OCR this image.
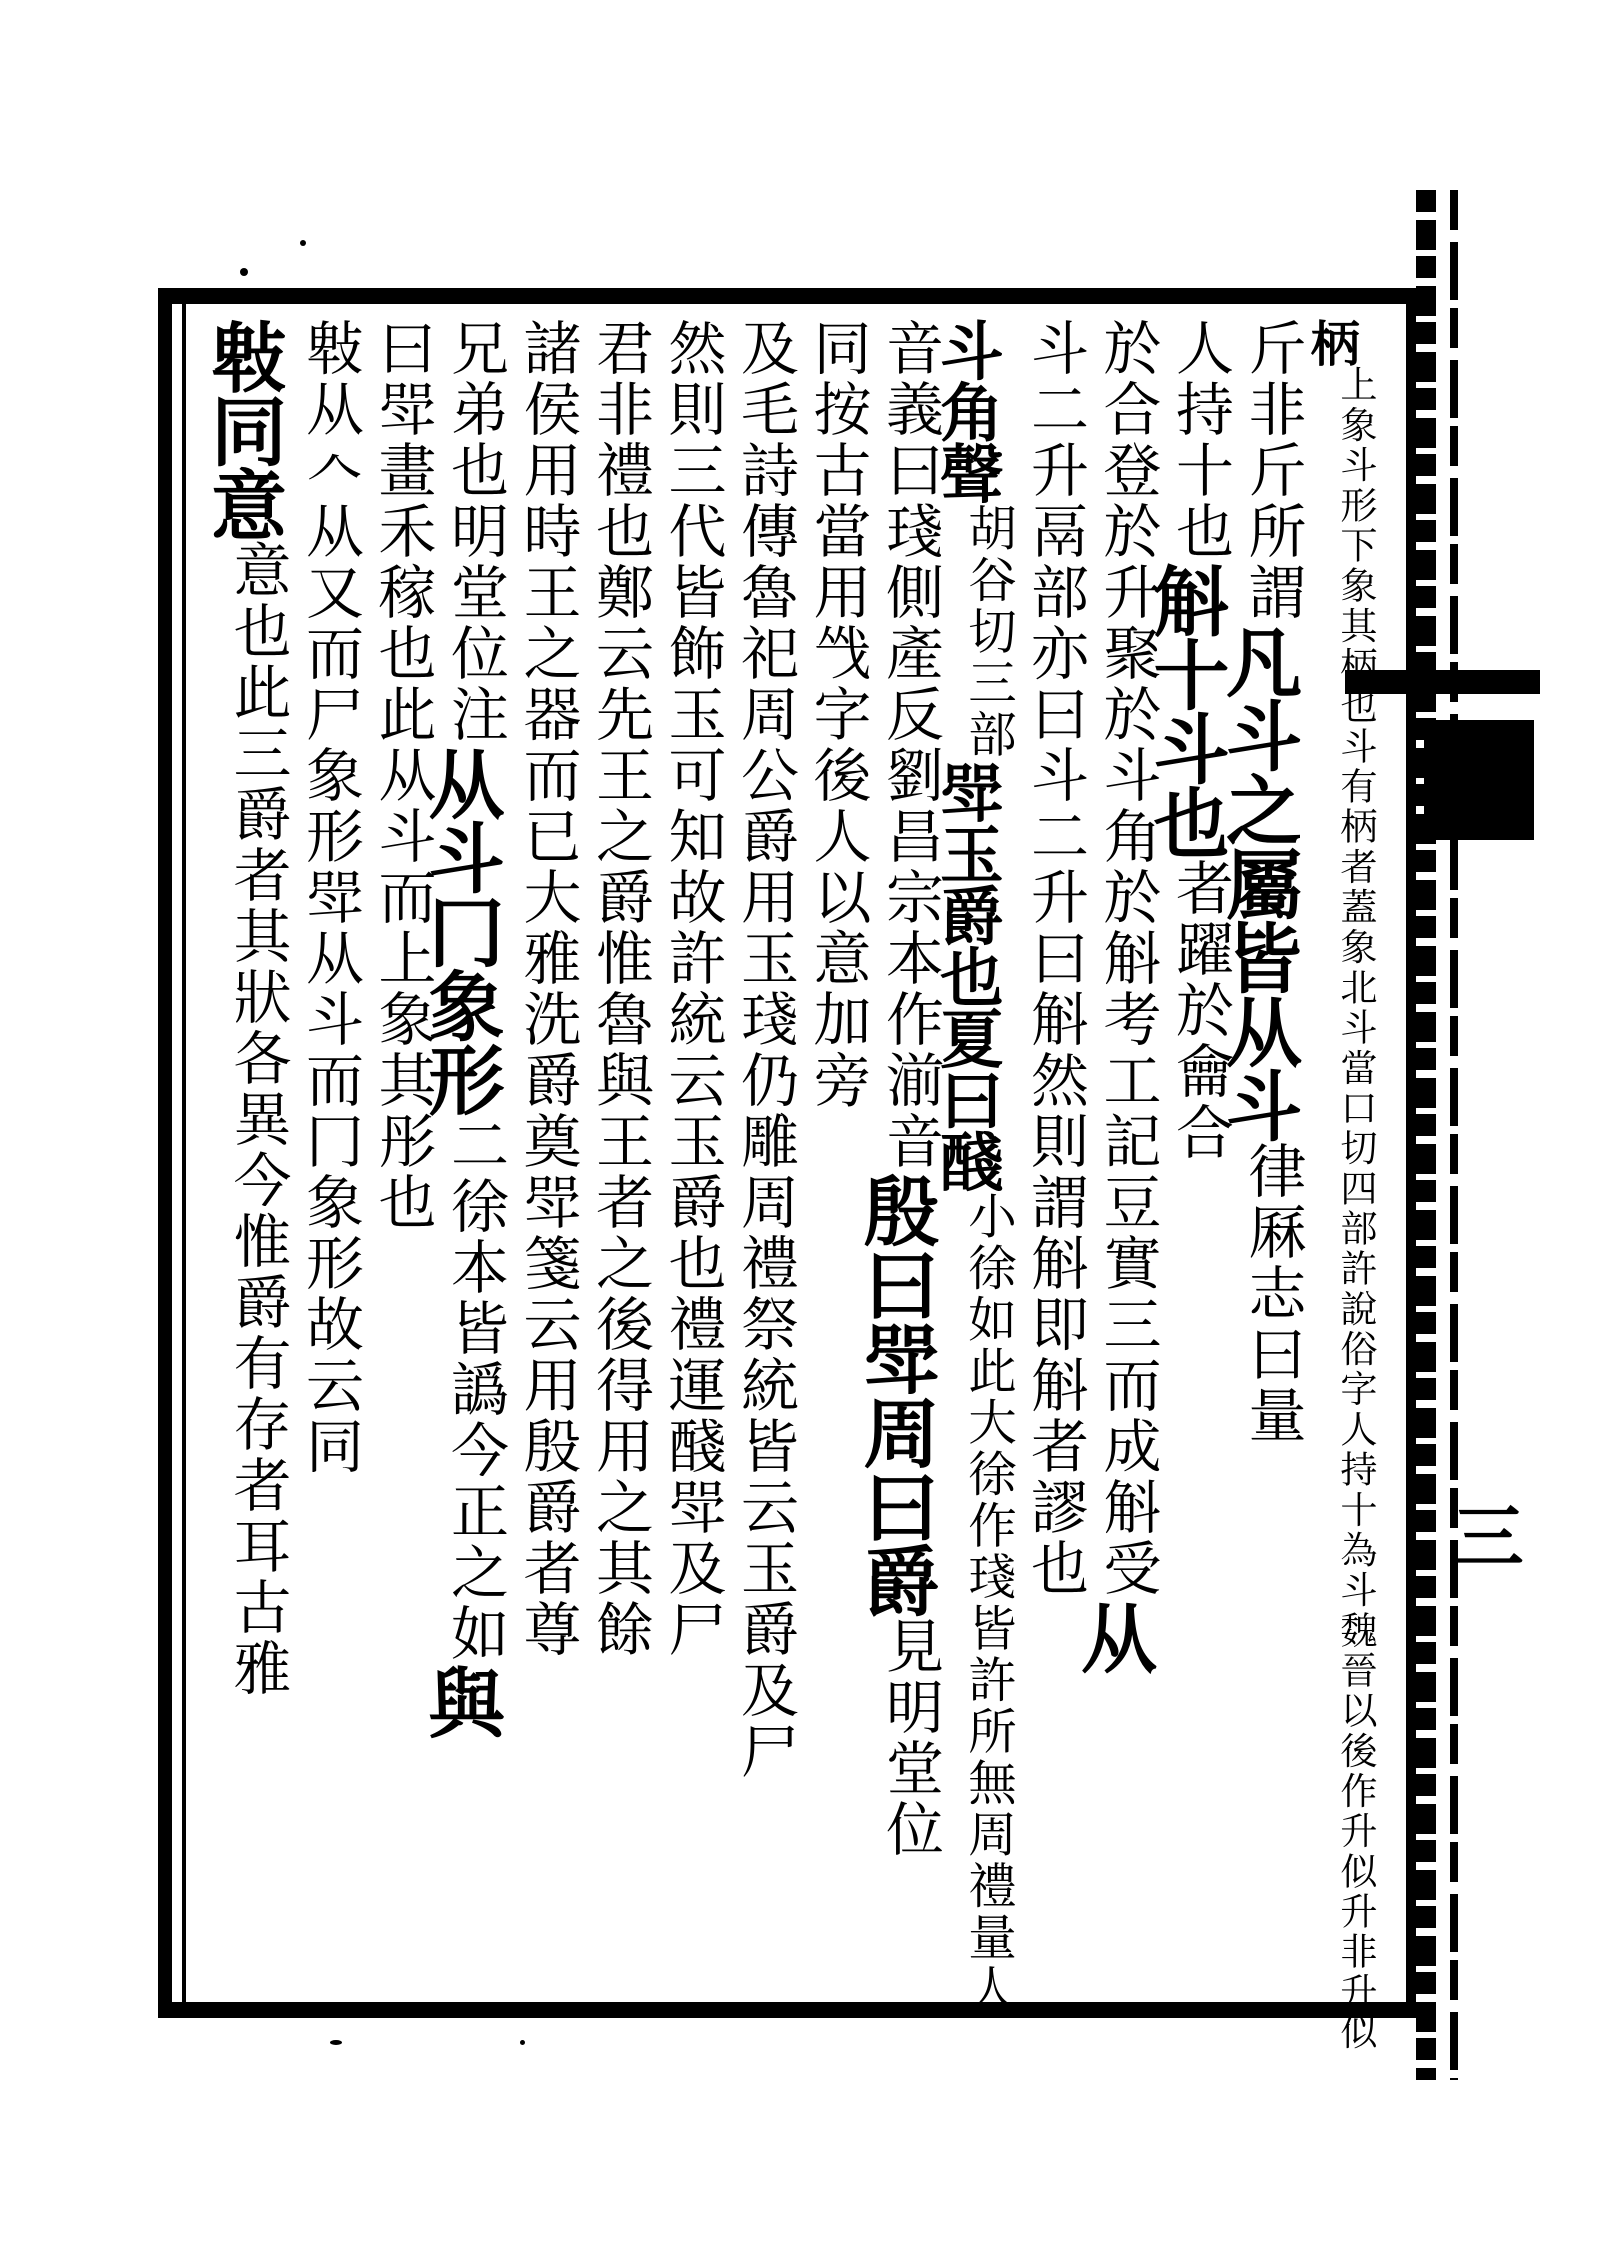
三
柄
上象斗形下象其柄也斗有柄者蓋象北斗當口切四部許說俗字人持十為斗魏晉以後作升似升非升似
斤非斤所謂
凡斗之屬皆从斗
律厤志曰量
人持十也
斛十斗也
者躍於龠合
於合登於升聚於斗角於斛考工記豆實三而成斛受
从
斗二升鬲部亦曰斗二升曰斛然則謂斛即斛者謬也
斗角聲
胡谷切三部
斝玉爵也夏曰醆
小徐如此大徐作琖皆許所無周禮量人
音義曰琖側產反劉昌宗本作湔音
殷曰斝周曰爵
見明堂位
同按古當用㦰字後人以意加旁
及毛詩傳魯祀周公爵用玉琖仍雕周禮祭統皆云玉爵及尸
然則三代皆飾玉可知故許統云玉爵也禮運醆斝及尸
君非禮也鄭云先王之爵惟魯與王者之後得用之其餘
諸侯用時王之器而已大雅洗爵奠斝箋云用殷爵者尊
兄弟也明堂位注
从斗冂象形
二徐本皆譌今正之如
與
曰斝畫禾稼也
此从斗而上象其彤也
㪏从𠆢从又而尸象形斝从斗而冂象形故云同
㪏同意
意也此三爵者其狀各異今惟爵有存者耳古雅
